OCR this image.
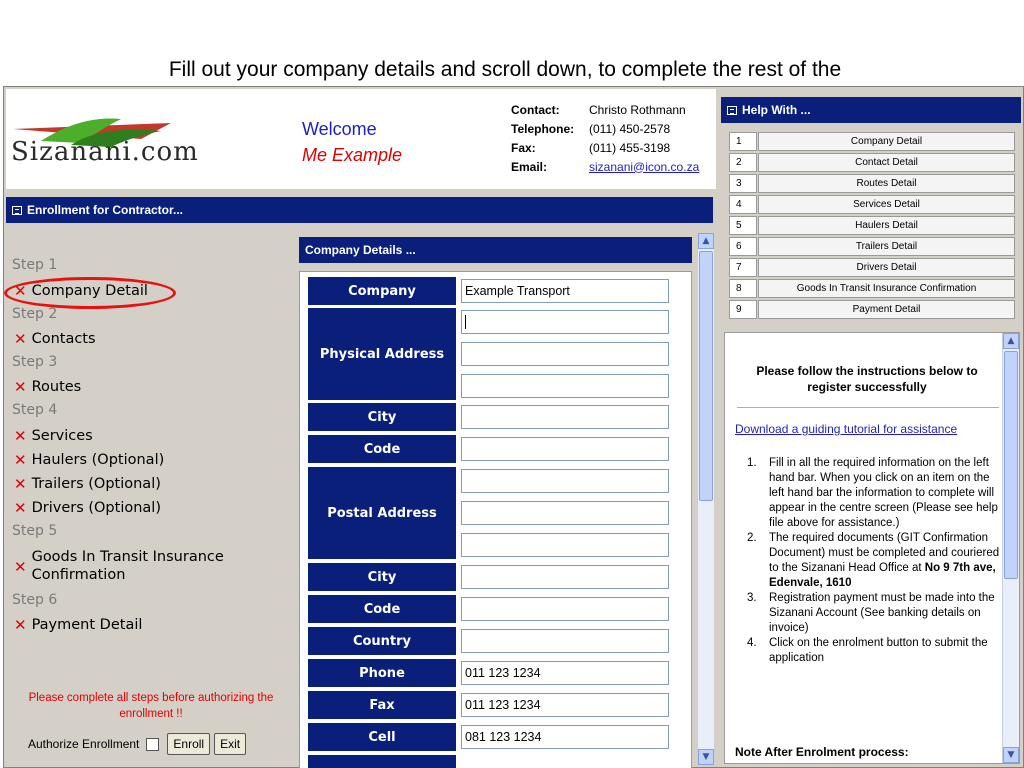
Fill out your company details and scroll down, to complete the rest of the
Sizanani.com
Welcome
Me Example
Contact:	Christo Rothmann
Telephone:	(011) 450-2578
Fax:	(011) 455-3198
Email:	sizanani@icon.co.za
Enrollment for Contractor...
Step 1
✕ Company Detail
Step 2
✕ Contacts
Step 3
✕ Routes
Step 4
✕ Services
✕ Haulers (Optional)
✕ Trailers (Optional)
✕ Drivers (Optional)
Step 5
✕
Goods In Transit Insurance Confirmation
Step 6
✕ Payment Detail
Please complete all steps before authorizing the enrollment !!
Authorize Enrollment	Enroll	Exit
Company Details ...
Company	Example Transport
Physical Address
City
Code
Postal Address
City
Code
Country
Phone	011 123 1234
Fax	011 123 1234
Cell	081 123 1234
▲
▼
Help With ...
1	Company Detail
2	Contact Detail
3	Routes Detail
4	Services Detail
5	Haulers Detail
6	Trailers Detail
7	Drivers Detail
8	Goods In Transit Insurance Confirmation
9	Payment Detail
Please follow the instructions below to register successfully
Download a guiding tutorial for assistance
1.	Fill in all the required information on the left hand bar. When you click on an item on the left hand bar the information to complete will appear in the centre screen (Please see help file above for assistance.)
2.	The required documents (GIT Confirmation Document) must be completed and couriered to the Sizanani Head Office at No 9 7th ave, Edenvale, 1610
3.	Registration payment must be made into the Sizanani Account (See banking details on invoice)
4.	Click on the enrolment button to submit the application
Note After Enrolment process:
▲
▼
